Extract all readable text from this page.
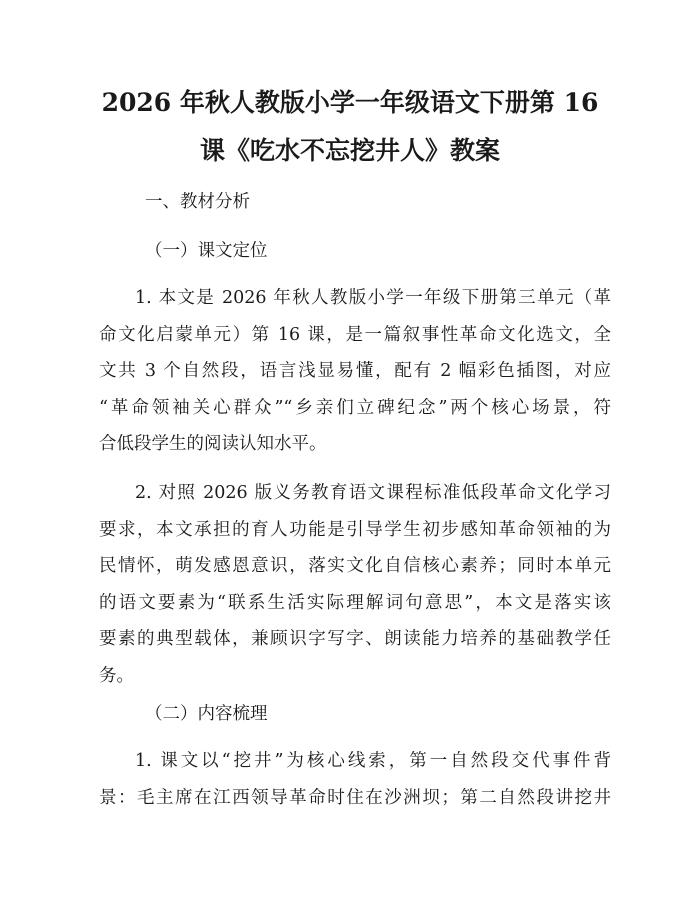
2026 年秋人教版小学一年级语文下册第 16
课《吃水不忘挖井人》教案

一、教材分析

（一）课文定位

1. 本文是 2026 年秋人教版小学一年级下册第三单元（革
命文化启蒙单元）第 16 课，是一篇叙事性革命文化选文，全
文共 3 个自然段，语言浅显易懂，配有 2 幅彩色插图，对应
“革命领袖关心群众”“乡亲们立碑纪念”两个核心场景，符
合低段学生的阅读认知水平。
2. 对照 2026 版义务教育语文课程标准低段革命文化学习
要求，本文承担的育人功能是引导学生初步感知革命领袖的为
民情怀，萌发感恩意识，落实文化自信核心素养；同时本单元
的语文要素为“联系生活实际理解词句意思”，本文是落实该
要素的典型载体，兼顾识字写字、朗读能力培养的基础教学任
务。

（二）内容梳理

1. 课文以“挖井”为核心线索，第一自然段交代事件背
景：毛主席在江西领导革命时住在沙洲坝；第二自然段讲挖井
